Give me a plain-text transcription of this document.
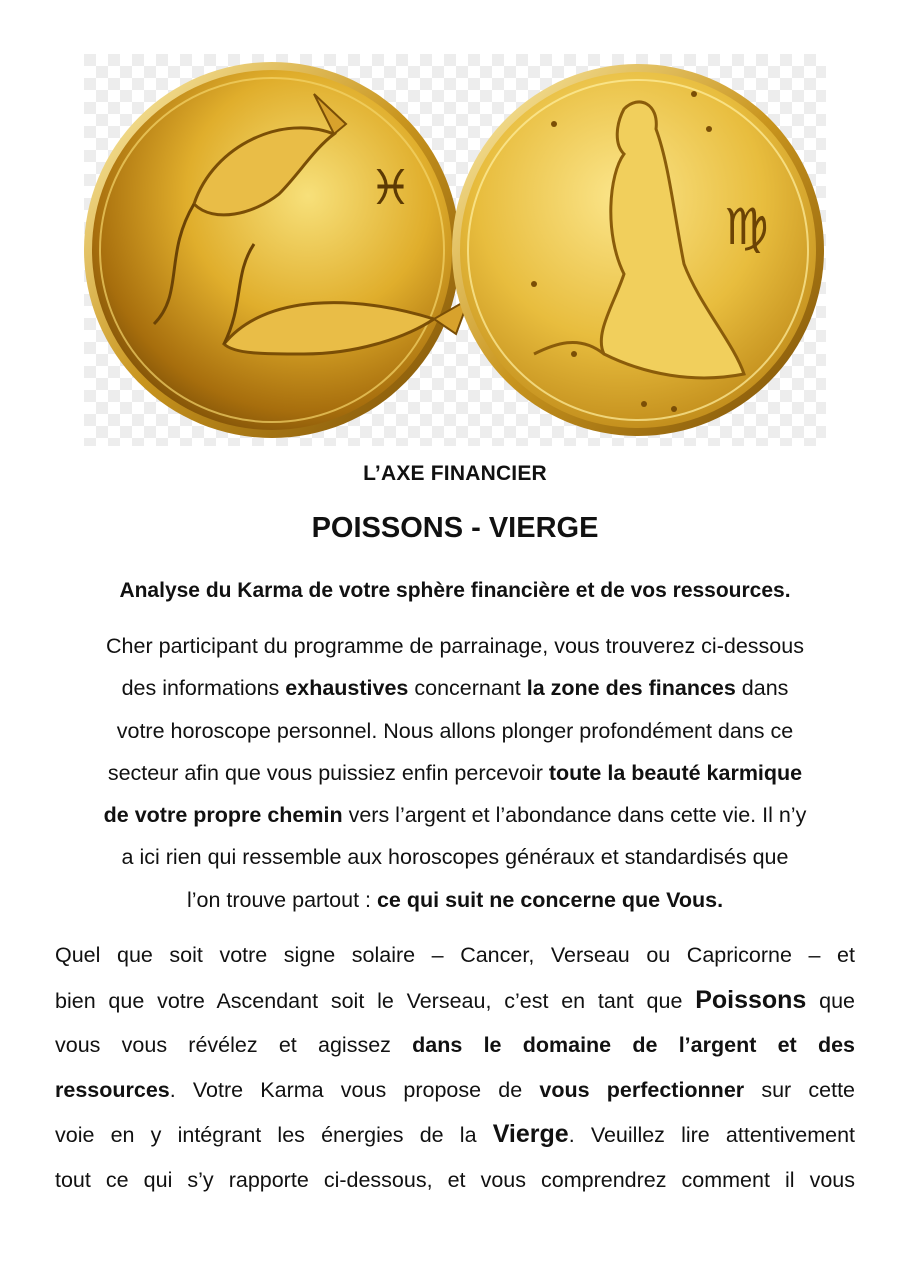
♓
♍
L’AXE FINANCIER
POISSONS - VIERGE
Analyse du Karma de votre sphère financière et de vos ressources.
Cher participant du programme de parrainage, vous trouverez ci-dessous
des informations exhaustives concernant la zone des finances dans
votre horoscope personnel. Nous allons plonger profondément dans ce
secteur afin que vous puissiez enfin percevoir toute la beauté karmique
de votre propre chemin vers l’argent et l’abondance dans cette vie. Il n’y
a ici rien qui ressemble aux horoscopes généraux et standardisés que
l’on trouve partout : ce qui suit ne concerne que Vous.
Quel que soit votre signe solaire – Cancer, Verseau ou Capricorne – et
bien que votre Ascendant soit le Verseau, c’est en tant que Poissons que
vous vous révélez et agissez dans le domaine de l’argent et des
ressources. Votre Karma vous propose de vous perfectionner sur cette
voie en y intégrant les énergies de la Vierge. Veuillez lire attentivement
tout ce qui s’y rapporte ci-dessous, et vous comprendrez comment il vous
